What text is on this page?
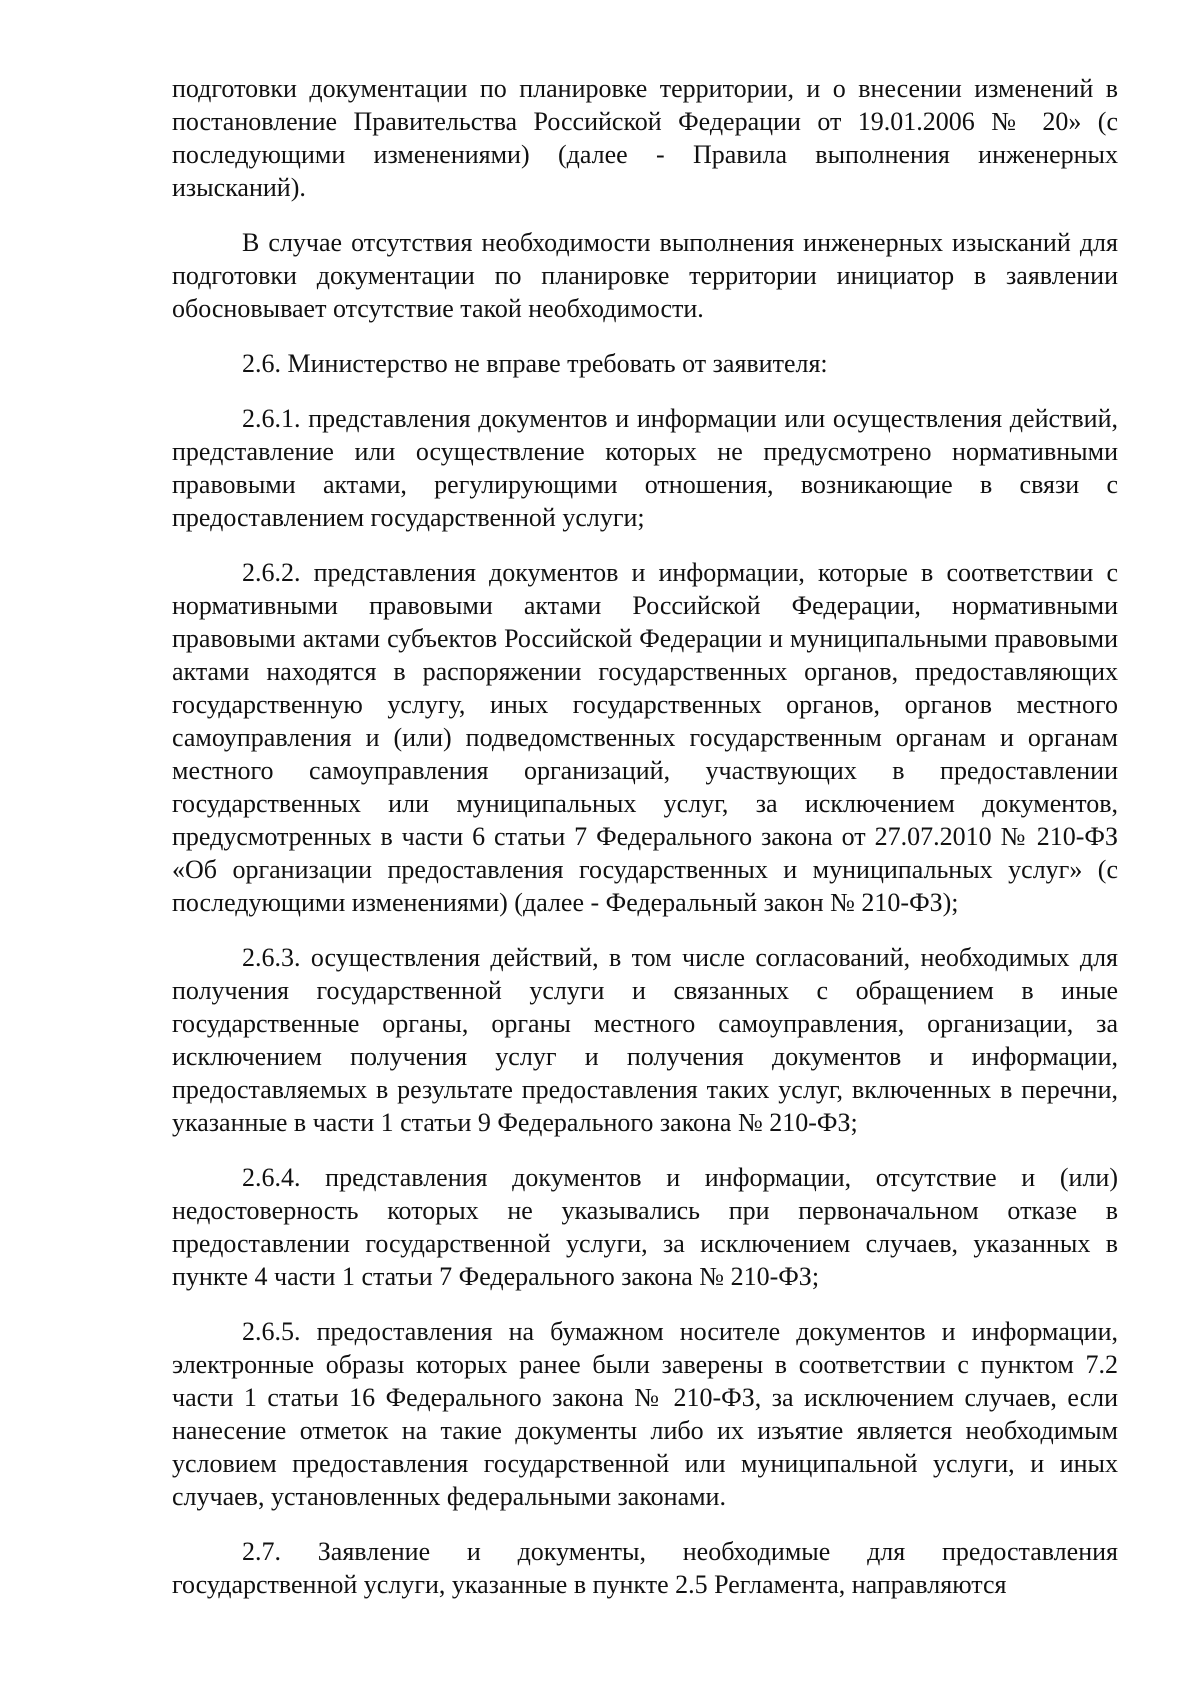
подготовки документации по планировке территории, и о внесении изменений в постановление Правительства Российской Федерации от 19.01.2006 № 20» (с последующими изменениями) (далее - Правила выполнения инженерных изысканий).

В случае отсутствия необходимости выполнения инженерных изысканий для подготовки документации по планировке территории инициатор в заявлении обосновывает отсутствие такой необходимости.

2.6. Министерство не вправе требовать от заявителя:

2.6.1. представления документов и информации или осуществления действий, представление или осуществление которых не предусмотрено нормативными правовыми актами, регулирующими отношения, возникающие в связи с предоставлением государственной услуги;

2.6.2. представления документов и информации, которые в соответствии с нормативными правовыми актами Российской Федерации, нормативными правовыми актами субъектов Российской Федерации и муниципальными правовыми актами находятся в распоряжении государственных органов, предоставляющих государственную услугу, иных государственных органов, органов местного самоуправления и (или) подведомственных государственным органам и органам местного самоуправления организаций, участвующих в предоставлении государственных или муниципальных услуг, за исключением документов, предусмотренных в части 6 статьи 7 Федерального закона от 27.07.2010 № 210-ФЗ «Об организации предоставления государственных и муниципальных услуг» (с последующими изменениями) (далее - Федеральный закон № 210-ФЗ);

2.6.3. осуществления действий, в том числе согласований, необходимых для получения государственной услуги и связанных с обращением в иные государственные органы, органы местного самоуправления, организации, за исключением получения услуг и получения документов и информации, предоставляемых в результате предоставления таких услуг, включенных в перечни, указанные в части 1 статьи 9 Федерального закона № 210-ФЗ;

2.6.4. представления документов и информации, отсутствие и (или) недостоверность которых не указывались при первоначальном отказе в предоставлении государственной услуги, за исключением случаев, указанных в пункте 4 части 1 статьи 7 Федерального закона № 210-ФЗ;

2.6.5. предоставления на бумажном носителе документов и информации, электронные образы которых ранее были заверены в соответствии с пунктом 7.2 части 1 статьи 16 Федерального закона № 210-ФЗ, за исключением случаев, если нанесение отметок на такие документы либо их изъятие является необходимым условием предоставления государственной или муниципальной услуги, и иных случаев, установленных федеральными законами.

2.7. Заявление и документы, необходимые для предоставления государственной услуги, указанные в пункте 2.5 Регламента, направляются
